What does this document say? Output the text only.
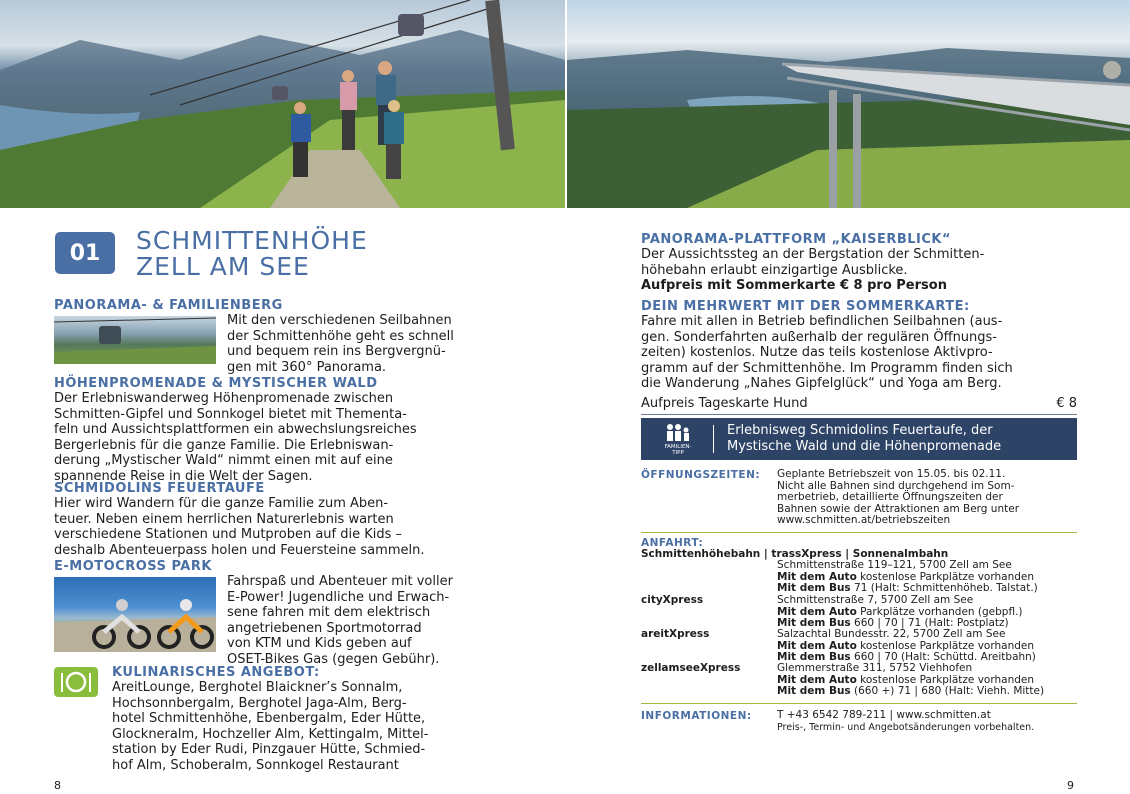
01	SCHMITTENHÖHE
ZELL AM SEE
PANORAMA- & FAMILIENBERG
Mit den verschiedenen Seilbahnen
der Schmittenhöhe geht es schnell
und bequem rein ins Bergvergnü-
gen mit 360° Panorama.
HÖHENPROMENADE & MYSTISCHER WALD
Der Erlebniswanderweg Höhenpromenade zwischen
Schmitten-Gipfel und Sonnkogel bietet mit Thementa-
feln und Aussichtsplattformen ein abwechslungsreiches
Bergerlebnis für die ganze Familie. Die Erlebniswan-
derung „Mystischer Wald“ nimmt einen mit auf eine
spannende Reise in die Welt der Sagen.
SCHMIDOLINS FEUERTAUFE
Hier wird Wandern für die ganze Familie zum Aben-
teuer. Neben einem herrlichen Naturerlebnis warten
verschiedene Stationen und Mutproben auf die Kids –
deshalb Abenteuerpass holen und Feuersteine sammeln.
E-MOTOCROSS PARK
Fahrspaß und Abenteuer mit voller
E-Power! Jugendliche und Erwach-
sene fahren mit dem elektrisch
angetriebenen Sportmotorrad
von KTM und Kids geben auf
OSET-Bikes Gas (gegen Gebühr).
KULINARISCHES ANGEBOT:
AreitLounge, Berghotel Blaickner’s Sonnalm,
Hochsonnbergalm, Berghotel Jaga-Alm, Berg-
hotel Schmittenhöhe, Ebenbergalm, Eder Hütte,
Glockneralm, Hochzeller Alm, Kettingalm, Mittel-
station by Eder Rudi, Pinzgauer Hütte, Schmied-
hof Alm, Schoberalm, Sonnkogel Restaurant
8
PANORAMA-PLATTFORM „KAISERBLICK“
Der Aussichtssteg an der Bergstation der Schmitten-
höhebahn erlaubt einzigartige Ausblicke.
Aufpreis mit Sommerkarte € 8 pro Person
DEIN MEHRWERT MIT DER SOMMERKARTE:
Fahre mit allen in Betrieb befindlichen Seilbahnen (aus-
gen. Sonderfahrten außerhalb der regulären Öffnungs-
zeiten) kostenlos. Nutze das teils kostenlose Aktivpro-
gramm auf der Schmittenhöhe. Im Programm finden sich
die Wanderung „Nahes Gipfelglück“ und Yoga am Berg.
Aufpreis Tageskarte Hund	€ 8
FAMILIEN-
TIPP
Erlebnisweg Schmidolins Feuertaufe, der
Mystische Wald und die Höhenpromenade
ÖFFNUNGSZEITEN: Geplante Betriebszeit von 15.05. bis 02.11.
Nicht alle Bahnen sind durchgehend im Som-
merbetrieb, detaillierte Öffnungszeiten der
Bahnen sowie der Attraktionen am Berg unter
www.schmitten.at/betriebszeiten
ANFAHRT:
Schmittenhöhebahn | trassXpress | Sonnenalmbahn
Schmittenstraße 119–121, 5700 Zell am See
Mit dem Auto kostenlose Parkplätze vorhanden
Mit dem Bus 71 (Halt: Schmittenhöheb. Talstat.)
cityXpress	Schmittenstraße 7, 5700 Zell am See
Mit dem Auto Parkplätze vorhanden (gebpfl.)
Mit dem Bus 660 | 70 | 71 (Halt: Postplatz)
areitXpress	Salzachtal Bundesstr. 22, 5700 Zell am See
Mit dem Auto kostenlose Parkplätze vorhanden
Mit dem Bus 660 | 70 (Halt: Schüttd. Areitbahn)
zellamseeXpress	Glemmerstraße 311, 5752 Viehhofen
Mit dem Auto kostenlose Parkplätze vorhanden
Mit dem Bus (660 +) 71 | 680 (Halt: Viehh. Mitte)
INFORMATIONEN: T +43 6542 789-211 | www.schmitten.at
Preis-, Termin- und Angebotsänderungen vorbehalten.
9
